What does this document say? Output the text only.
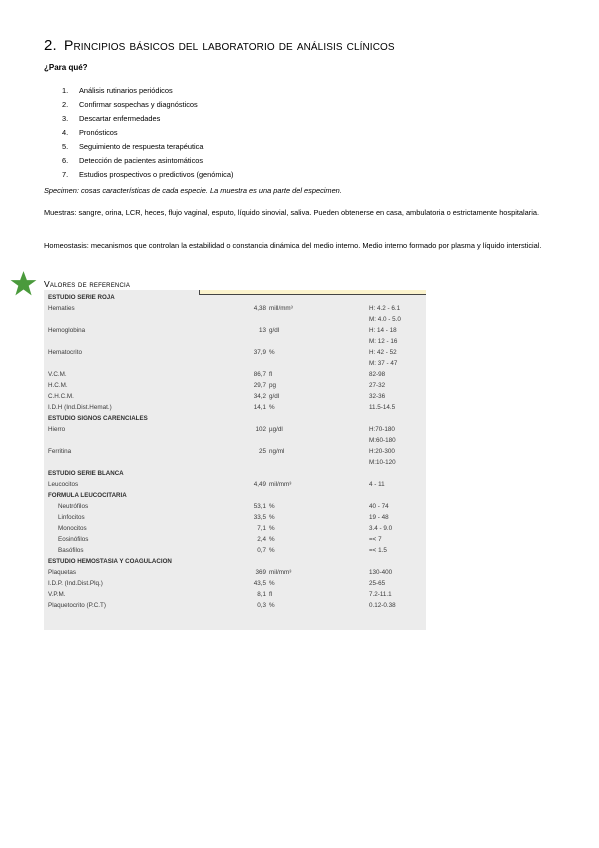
2. Principios básicos del laboratorio de análisis clínicos
¿Para qué?
1. Análisis rutinarios periódicos
2. Confirmar sospechas y diagnósticos
3. Descartar enfermedades
4. Pronósticos
5. Seguimiento de respuesta terapéutica
6. Detección de pacientes asintomáticos
7. Estudios prospectivos o predictivos (genómica)

Specimen: cosas características de cada especie. La muestra es una parte del especimen.

Muestras: sangre, orina, LCR, heces, flujo vaginal, esputo, líquido sinovial, saliva. Pueden obtenerse en casa, ambulatoria o estrictamente hospitalaria.

Homeostasis: mecanismos que controlan la estabilidad o constancia dinámica del medio interno. Medio interno formado por plasma y líquido intersticial.

Valores de referencia
ESTUDIO SERIE ROJA
Hematies	4,38 mill/mm³	H: 4.2 - 6.1
M: 4.0 - 5.0
Hemoglobina	13 g/dl	H: 14 - 18
M: 12 - 16
Hematocrito	37,9 %	H: 42 - 52
M: 37 - 47
V.C.M.	86,7 fl	82-98
H.C.M.	29,7 pg	27-32
C.H.C.M.	34,2 g/dl	32-36
I.D.H (Ind.Dist.Hemat.)	14,1 %	11.5-14.5
ESTUDIO SIGNOS CARENCIALES
Hierro	102 µg/dl	H:70-180
M:60-180
Ferritina	25 ng/ml	H:20-300
M:10-120
ESTUDIO SERIE BLANCA
Leucocitos	4,49 mil/mm³	4 - 11
FORMULA LEUCOCITARIA
Neutrófilos	53,1 %	40 - 74
Linfocitos	33,5 %	19 - 48
Monocitos	7,1 %	3.4 - 9.0
Eosinófilos	2,4 %	=< 7
Basófilos	0,7 %	=< 1.5
ESTUDIO HEMOSTASIA Y COAGULACION
Plaquetas	369 mil/mm³	130-400
I.D.P. (Ind.Dist.Plq.)	43,5 %	25-65
V.P.M.	8,1 fl	7.2-11.1
Plaquetocrito (P.C.T)	0,3 %	0.12-0.38
